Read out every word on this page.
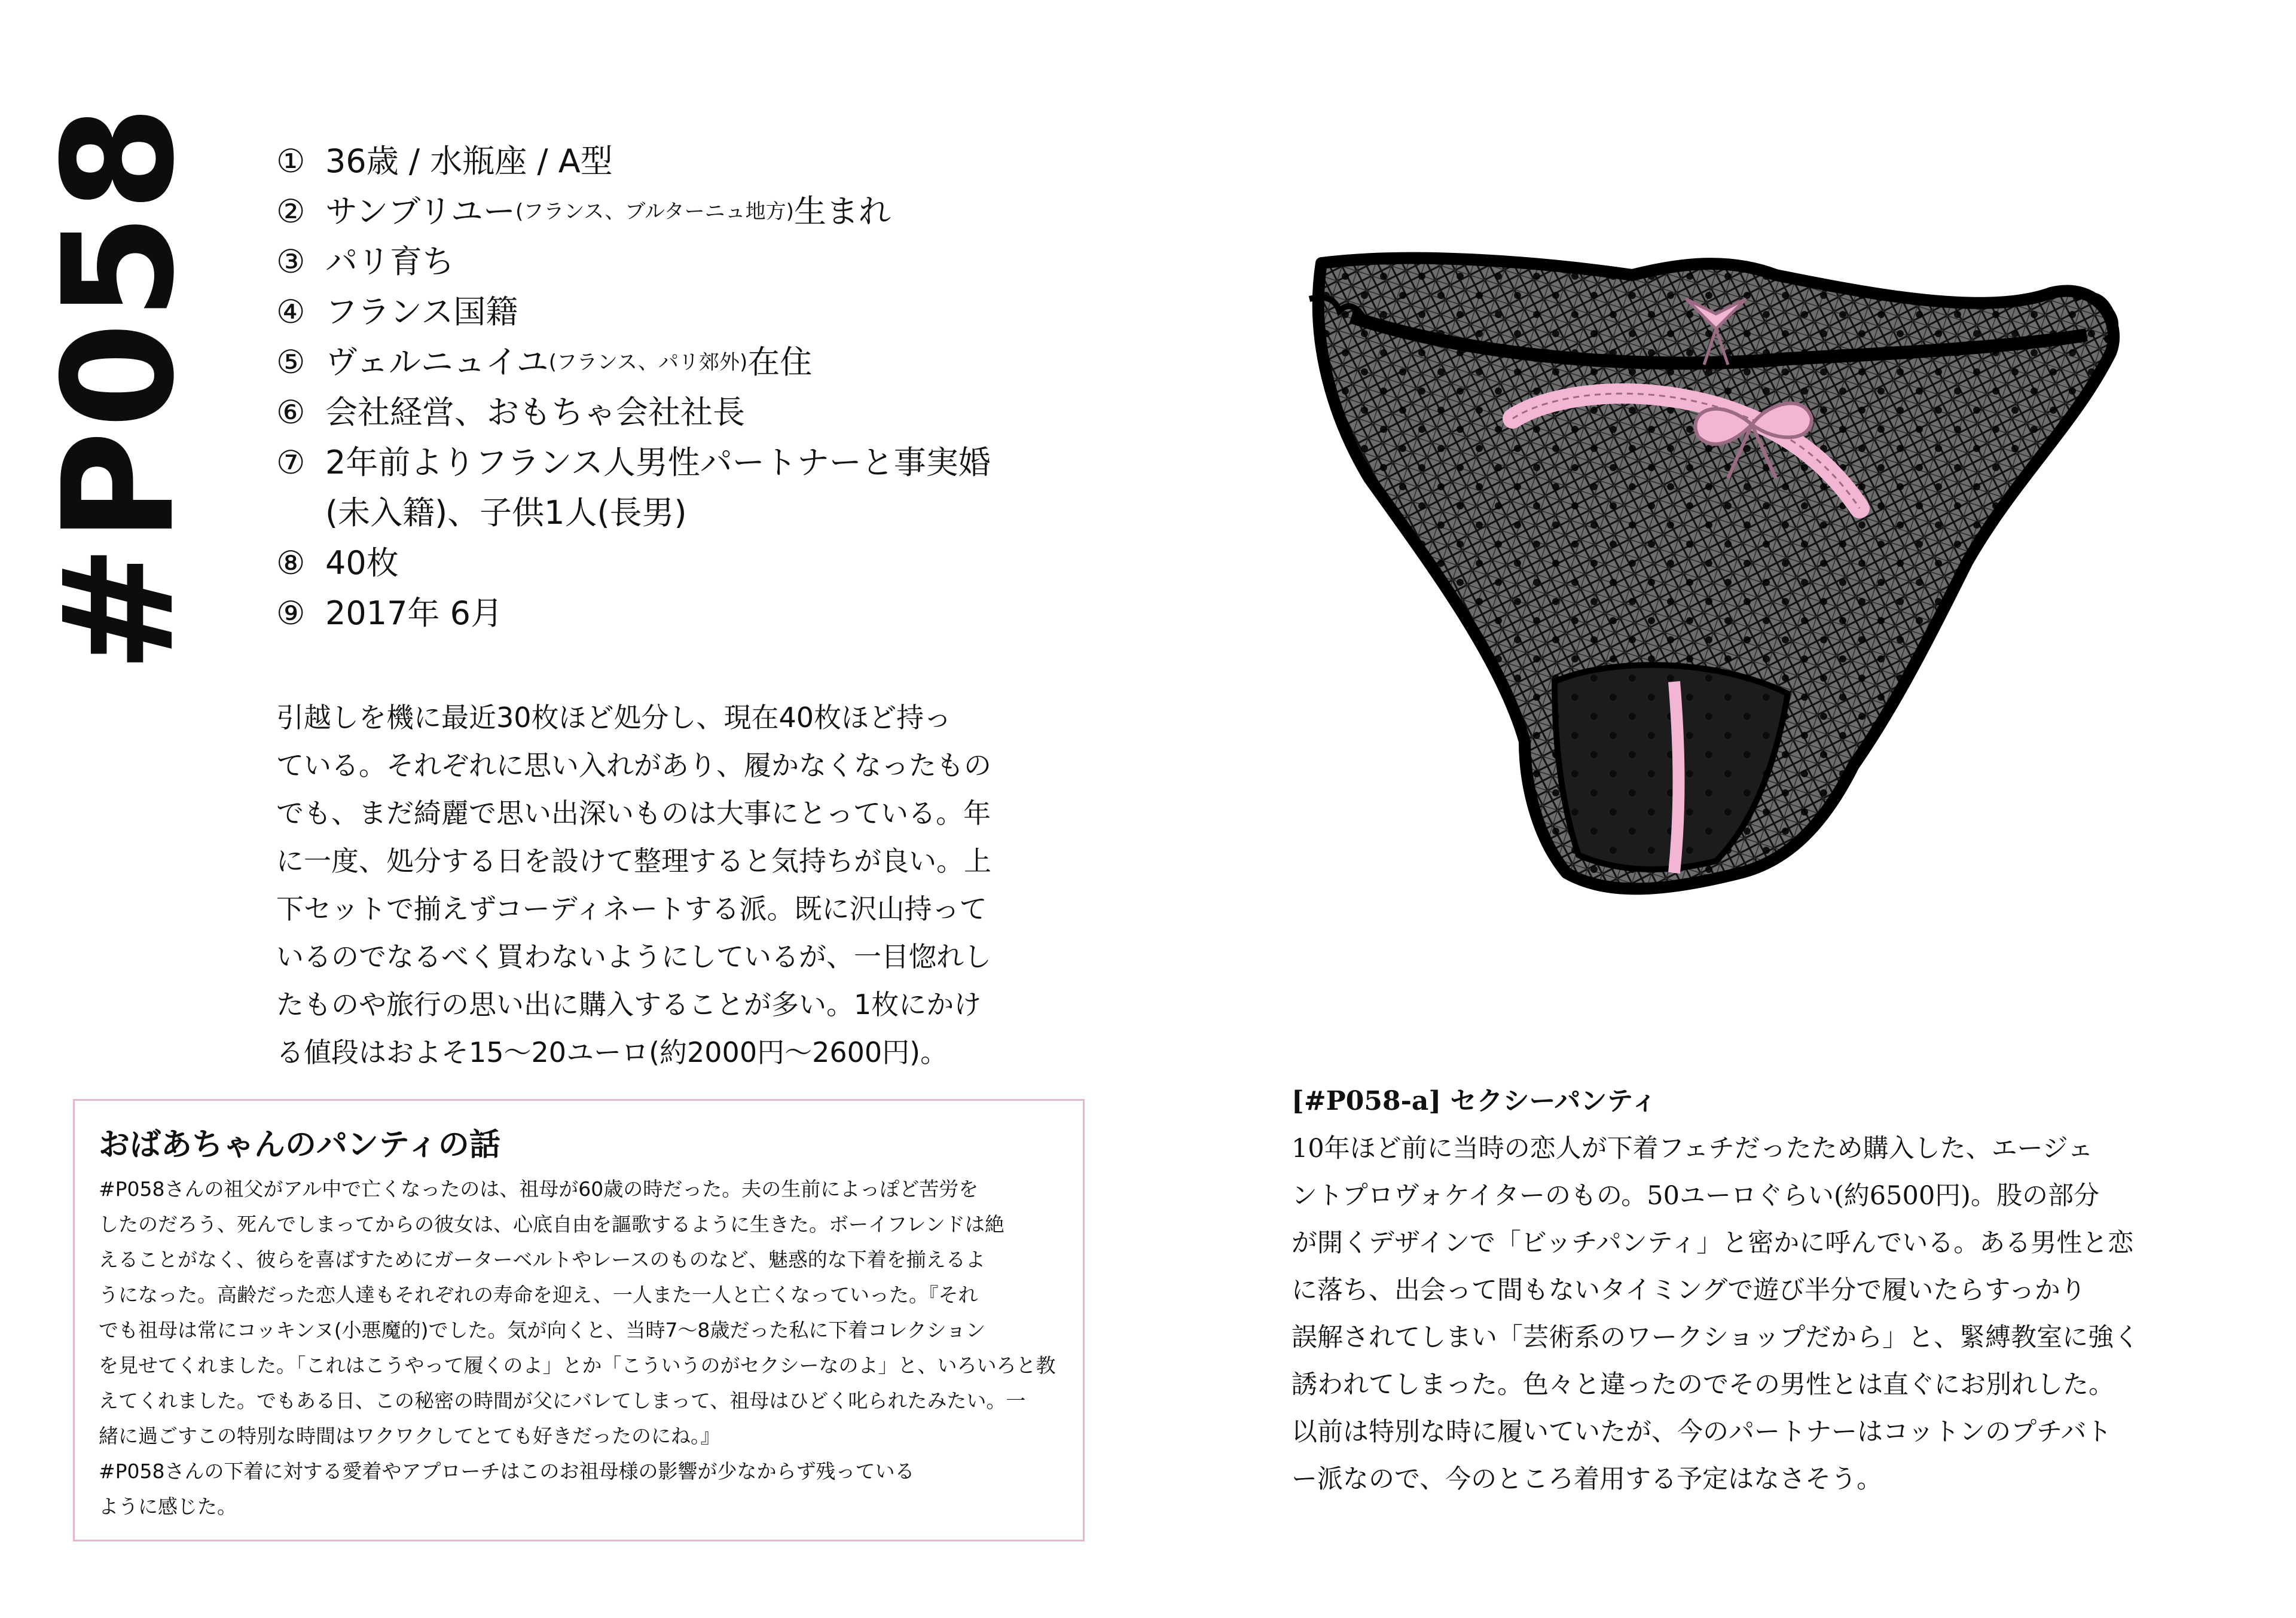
#P058 ① 36歳 / 水瓶座 / A型
② サンブリユー (フランス、ブルターニュ地方) 生まれ
③ パリ育ち
④ フランス国籍
⑤ ヴェルニュイユ (フランス、パリ郊外) 在住
⑥ 会社経営、おもちゃ会社社長
⑦ 2年前よりフランス人男性パートナーと事実婚
(未入籍)、子供1人(長男)
⑧ 40枚
⑨ 2017年 6月

引越しを機に最近30枚ほど処分し、現在40枚ほど持っ
ている。それぞれに思い入れがあり、履かなくなったもの
でも、まだ綺麗で思い出深いものは大事にとっている。年
に一度、処分する日を設けて整理すると気持ちが良い。上
下セットで揃えずコーディネートする派。既に沢山持って
いるのでなるべく買わないようにしているが、一目惚れし
たものや旅行の思い出に購入することが多い。1枚にかけ
る値段はおよそ15〜20ユーロ(約2000円〜2600円)。

おばあちゃんのパンティの話

#P058さんの祖父がアル中で亡くなったのは、祖母が60歳の時だった。夫の生前によっぽど苦労を
したのだろう、死んでしまってからの彼女は、心底自由を謳歌するように生きた。ボーイフレンドは絶
えることがなく、彼らを喜ばすためにガーターベルトやレースのものなど、魅惑的な下着を揃えるよ
うになった。高齢だった恋人達もそれぞれの寿命を迎え、一人また一人と亡くなっていった。『それ
でも祖母は常にコッキンヌ(小悪魔的)でした。気が向くと、当時7〜8歳だった私に下着コレクション
を見せてくれました。「これはこうやって履くのよ」とか「こういうのがセクシーなのよ」と、いろいろと教
えてくれました。でもある日、この秘密の時間が父にバレてしまって、祖母はひどく叱られたみたい。一
緒に過ごすこの特別な時間はワクワクしてとても好きだったのにね。』
#P058さんの下着に対する愛着やアプローチはこのお祖母様の影響が少なからず残っている
ように感じた。

[#P058-a] セクシーパンティ

10年ほど前に当時の恋人が下着フェチだったため購入した、エージェ
ントプロヴォケイターのもの。50ユーロぐらい(約6500円)。股の部分
が開くデザインで「ビッチパンティ」と密かに呼んでいる。ある男性と恋
に落ち、出会って間もないタイミングで遊び半分で履いたらすっかり
誤解されてしまい「芸術系のワークショップだから」と、緊縛教室に強く
誘われてしまった。色々と違ったのでその男性とは直ぐにお別れした。
以前は特別な時に履いていたが、今のパートナーはコットンのプチバト
ー派なので、今のところ着用する予定はなさそう。
